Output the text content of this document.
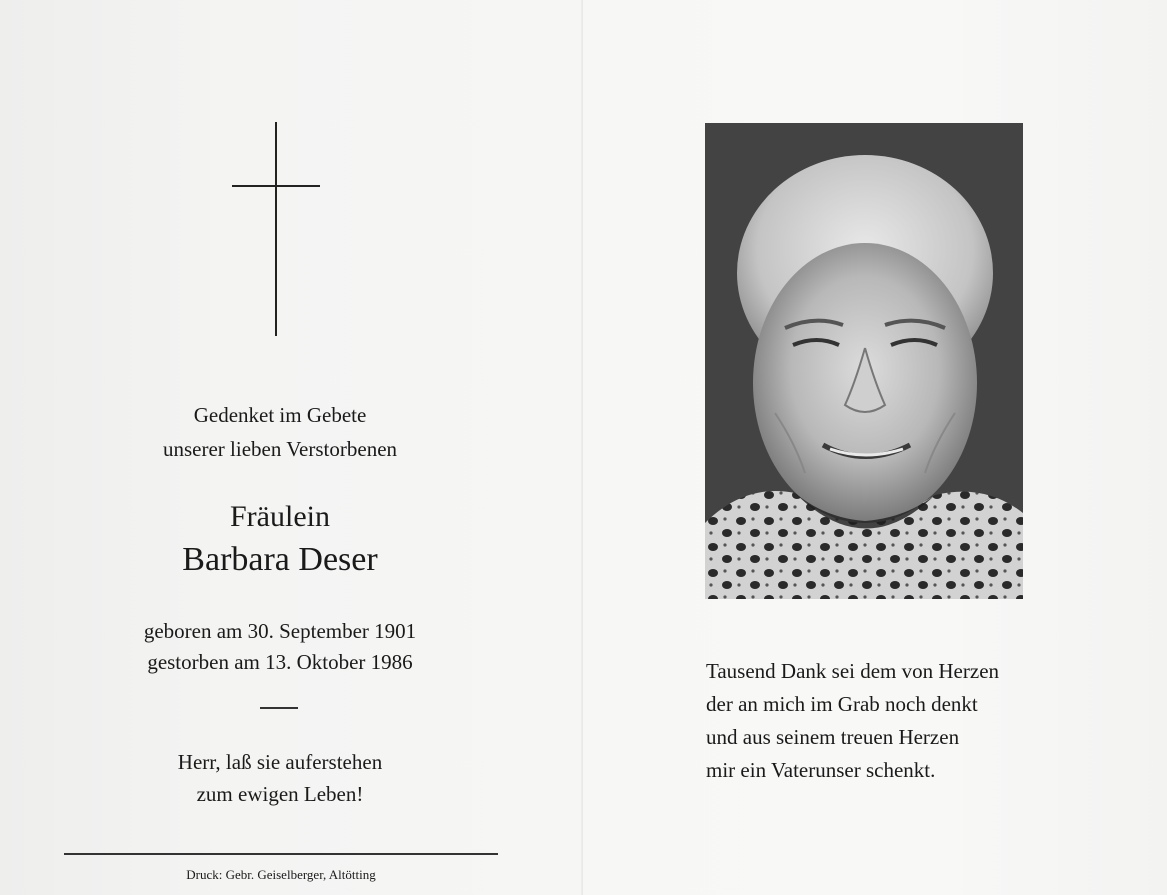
Gedenket im Gebete
unserer lieben Verstorbenen

Fräulein

Barbara Deser

geboren am 30. September 1901
gestorben am 13. Oktober 1986

Herr, laß sie auferstehen
zum ewigen Leben!

Druck: Gebr. Geiselberger, Altötting

Tausend Dank sei dem von Herzen
der an mich im Grab noch denkt
und aus seinem treuen Herzen
mir ein Vaterunser schenkt.
